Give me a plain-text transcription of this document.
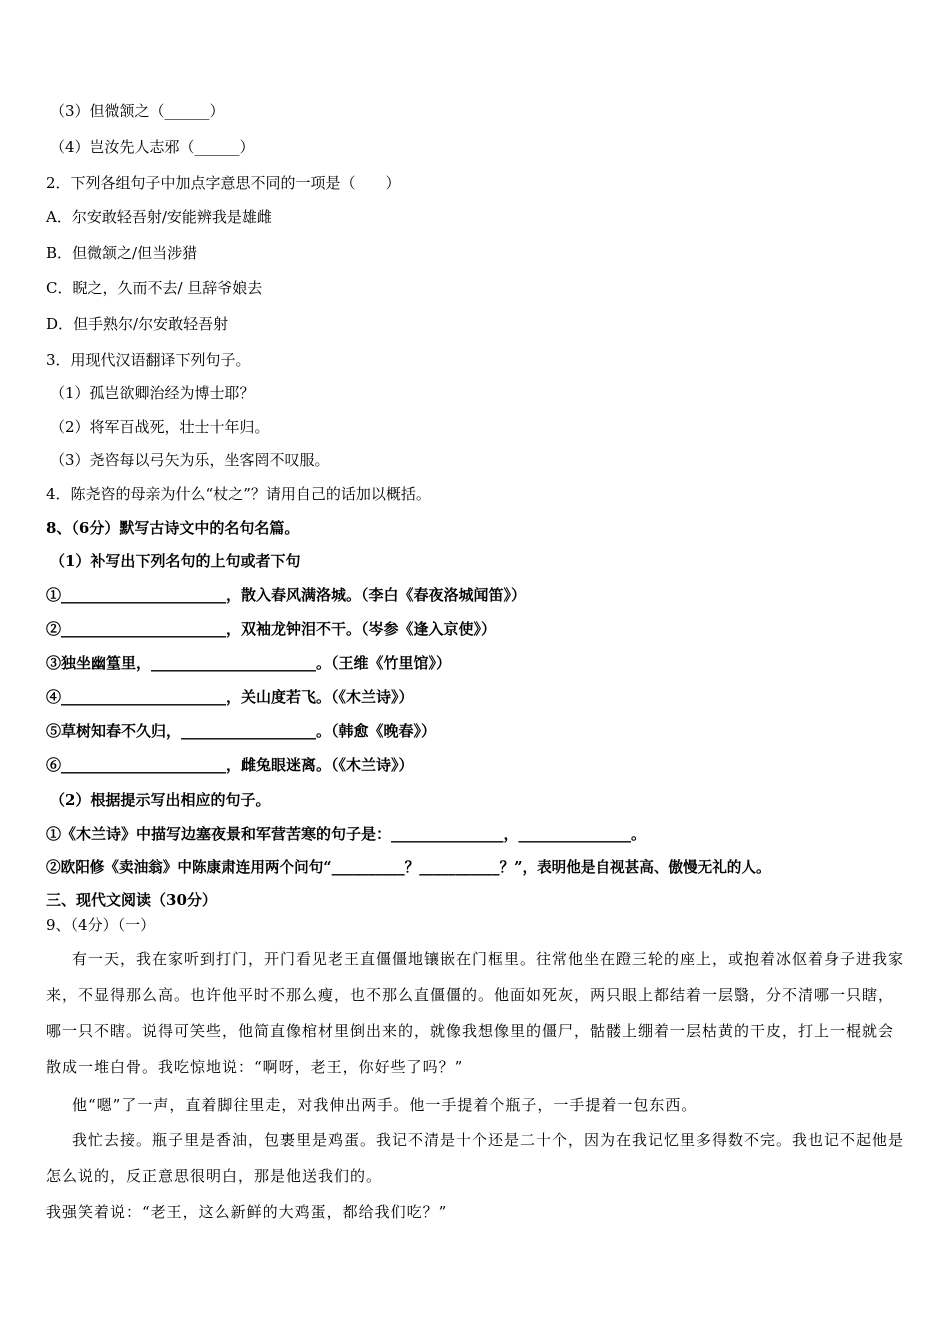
（3）但微颔之（______）

（4）岂汝先人志邪（______）

2．下列各组句子中加点字意思不同的一项是（　　）

A．尔安敢轻吾射/安能辨我是雄雌

B．但微颔之/但当涉猎

C．睨之，久而不去/ 旦辞爷娘去

D．但手熟尔/尔安敢轻吾射

3．用现代汉语翻译下列句子。

（1）孤岂欲卿治经为博士耶？

（2）将军百战死，壮士十年归。

（3）尧咨每以弓矢为乐，坐客罔不叹服。

4．陈尧咨的母亲为什么“杖之”？请用自己的话加以概括。

8、（6分）默写古诗文中的名句名篇。

（1）补写出下列名句的上句或者下句

①______________________，散入春风满洛城。（李白《春夜洛城闻笛》）

②______________________，双袖龙钟泪不干。（岑参《逢入京使》）

③独坐幽篁里，______________________。（王维《竹里馆》）

④______________________，关山度若飞。（《木兰诗》）

⑤草树知春不久归，__________________。（韩愈《晚春》）

⑥______________________，雌兔眼迷离。（《木兰诗》）

（2）根据提示写出相应的句子。

①《木兰诗》中描写边塞夜景和军营苦寒的句子是：_______________，_______________。

②欧阳修《卖油翁》中陈康肃连用两个问句“__________？___________？”，表明他是自视甚高、傲慢无礼的人。

三、现代文阅读（30分）

9、（4分）（一）

有一天，我在家听到打门，开门看见老王直僵僵地镶嵌在门框里。往常他坐在蹬三轮的座上，或抱着冰伛着身子进我家来，不显得那么高。也许他平时不那么瘦，也不那么直僵僵的。他面如死灰，两只眼上都结着一层翳，分不清哪一只瞎，哪一只不瞎。说得可笑些，他简直像棺材里倒出来的，就像我想像里的僵尸，骷髅上绷着一层枯黄的干皮，打上一棍就会散成一堆白骨。我吃惊地说：“啊呀，老王，你好些了吗？”

他“嗯”了一声，直着脚往里走，对我伸出两手。他一手提着个瓶子，一手提着一包东西。

我忙去接。瓶子里是香油，包裹里是鸡蛋。我记不清是十个还是二十个，因为在我记忆里多得数不完。我也记不起他是怎么说的，反正意思很明白，那是他送我们的。

我强笑着说：“老王，这么新鲜的大鸡蛋，都给我们吃？”
